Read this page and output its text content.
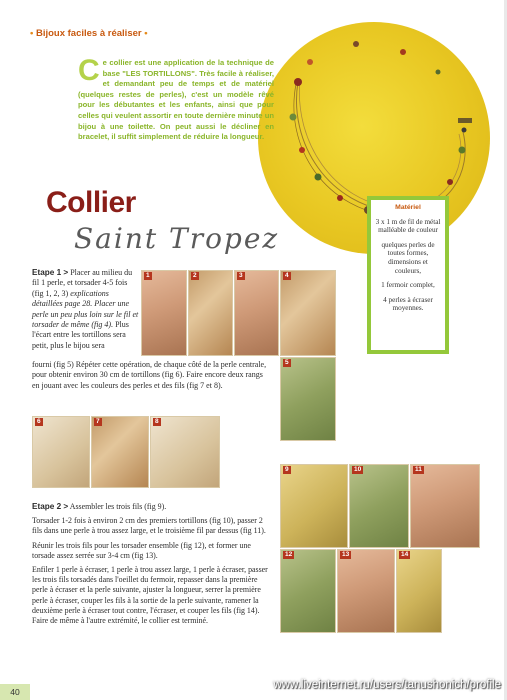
• Bijoux faciles à réaliser •
Ce collier est une application de la technique de base "LES TORTILLONS". Très facile à réaliser, et demandant peu de temps et de matériel (quelques restes de perles), c'est un modèle rêvé pour les débutantes et les enfants, ainsi que pour celles qui veulent assortir en toute dernière minute un bijou à une toilette. On peut aussi le décliner en bracelet, il suffit simplement de réduire la longueur.
Collier
Saint Tropez
Matériel

3 x 1 m de fil de métal malléable de couleur

quelques perles de toutes formes, dimensions et couleurs,

1 fermoir complet,

4 perles à écraser moyennes.

Etape 1 > Placer au milieu du fil 1 perle, et torsader 4-5 fois (fig 1, 2, 3) explications détaillées page 28. Placer une perle un peu plus loin sur le fil et torsader de même (fig 4). Plus l'écart entre les tortillons sera petit, plus le bijou sera
fourni (fig 5) Répéter cette opération, de chaque côté de la perle centrale, pour obtenir environ 30 cm de tortillons (fig 6). Faire encore deux rangs en jouant avec les couleurs des perles et des fils (fig 7 et 8).
1	2	3	4
5
6	7	8
9	10	11
12	13	14

Etape 2 > Assembler les trois fils (fig 9).

Torsader 1-2 fois à environ 2 cm des premiers tortillons (fig 10), passer 2 fils dans une perle à trou assez large, et le troisième fil par dessus (fig 11).

Réunir les trois fils pour les torsader ensemble (fig 12), et former une torsade assez serrée sur 3-4 cm (fig 13).

Enfiler 1 perle à écraser, 1 perle à trou assez large, 1 perle à écraser, passer les trois fils torsadés dans l'oeillet du fermoir, repasser dans la première perle à écraser et la perle suivante, ajuster la longueur, serrer la première perle à écraser, couper les fils à la sortie de la perle suivante, ramener la deuxième perle à écraser tout contre, l'écraser, et couper les fils (fig 14). Faire de même à l'autre extrémité, le collier est terminé.

40
www.liveinternet.ru/users/tanushonich/profile
